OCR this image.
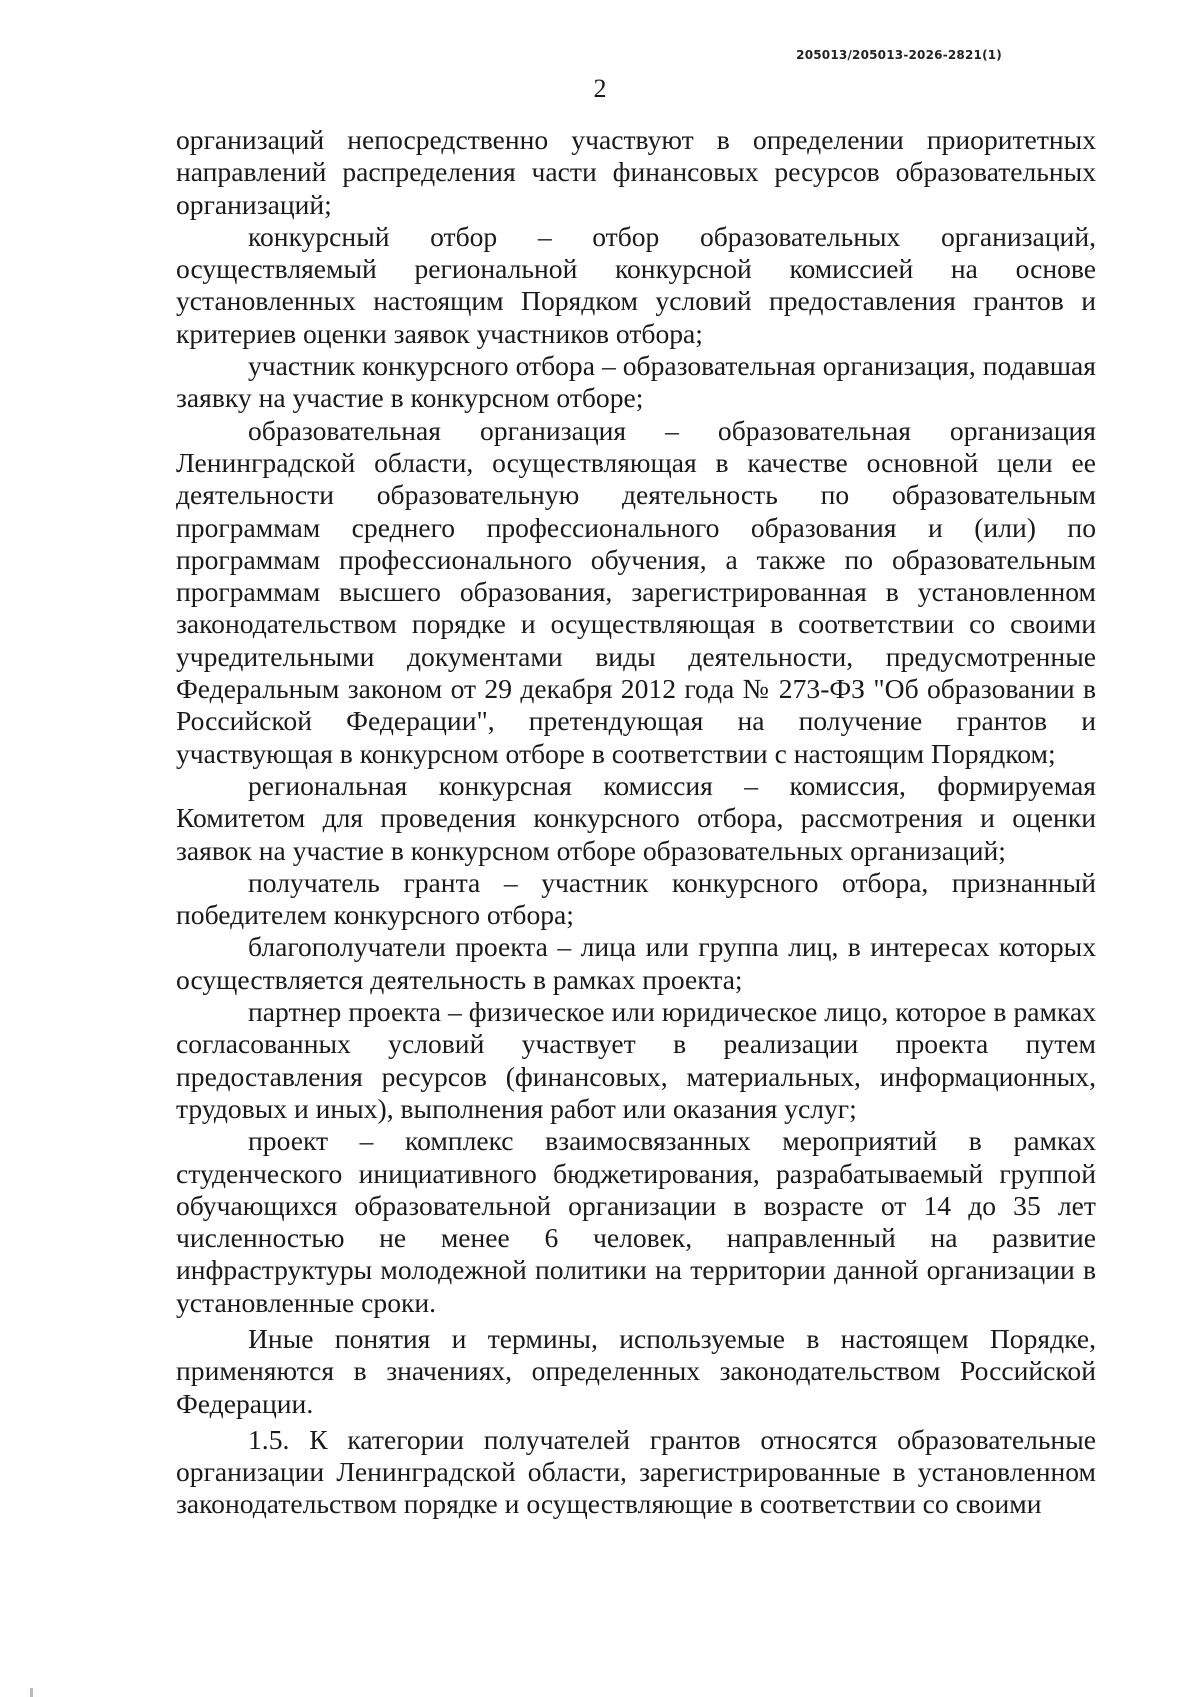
205013/205013-2026-2821(1)
2

организаций непосредственно участвуют в определении приоритетных направлений распределения части финансовых ресурсов образовательных организаций;

конкурсный отбор – отбор образовательных организаций, осуществляемый региональной конкурсной комиссией на основе установленных настоящим Порядком условий предоставления грантов и критериев оценки заявок участников отбора;

участник конкурсного отбора – образовательная организация, подавшая заявку на участие в конкурсном отборе;

образовательная организация – образовательная организация Ленинградской области, осуществляющая в качестве основной цели ее деятельности образовательную деятельность по образовательным программам среднего профессионального образования и (или) по программам профессионального обучения, а также по образовательным программам высшего образования, зарегистрированная в установленном законодательством порядке и осуществляющая в соответствии со своими учредительными документами виды деятельности, предусмотренные Федеральным законом от 29 декабря 2012 года № 273-ФЗ "Об образовании в Российской Федерации", претендующая на получение грантов и участвующая в конкурсном отборе в соответствии с настоящим Порядком;

региональная конкурсная комиссия – комиссия, формируемая Комитетом для проведения конкурсного отбора, рассмотрения и оценки заявок на участие в конкурсном отборе образовательных организаций;

получатель гранта – участник конкурсного отбора, признанный победителем конкурсного отбора;

благополучатели проекта – лица или группа лиц, в интересах которых осуществляется деятельность в рамках проекта;

партнер проекта – физическое или юридическое лицо, которое в рамках согласованных условий участвует в реализации проекта путем предоставления ресурсов (финансовых, материальных, информационных, трудовых и иных), выполнения работ или оказания услуг;

проект – комплекс взаимосвязанных мероприятий в рамках студенческого инициативного бюджетирования, разрабатываемый группой обучающихся образовательной организации в возрасте от 14 до 35 лет численностью не менее 6 человек, направленный на развитие инфраструктуры молодежной политики на территории данной организации в установленные сроки.

Иные понятия и термины, используемые в настоящем Порядке, применяются в значениях, определенных законодательством Российской Федерации.

1.5. К категории получателей грантов относятся образовательные организации Ленинградской области, зарегистрированные в установленном законодательством порядке и осуществляющие в соответствии со своими
